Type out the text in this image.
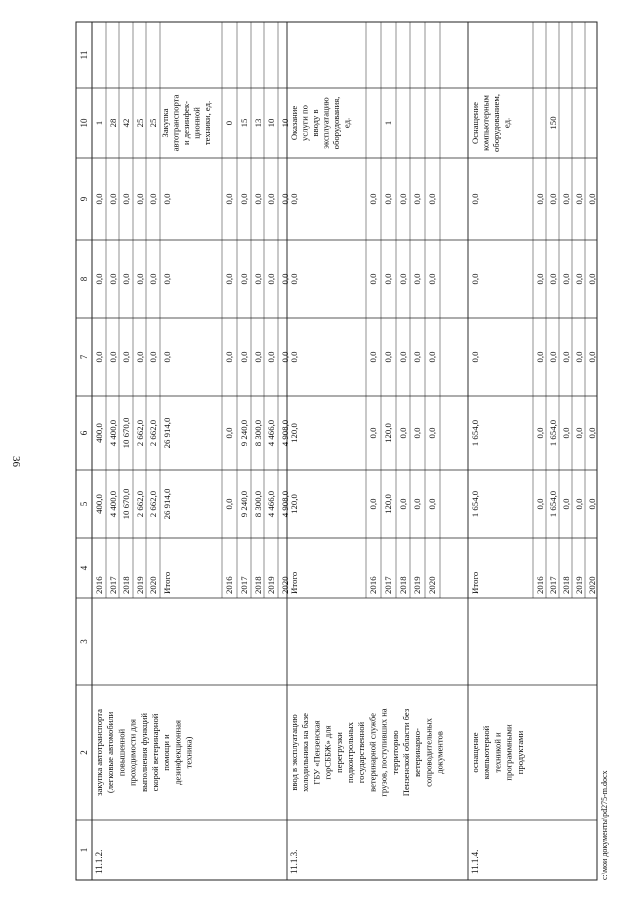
36
c:\мои документы\pd275-m.docx
1
2
3
4
5
6
7
8
9
10
11
11.1.2.
закупка автотранспорта (легковые автомобили повышенной проходимости для выполнения функций скорой ветеринарной помощи и дезинфекционная техника)
Закупка автотранспорта и дезинфек- ционной техники, ед.
2016
400,0
400,0
0,0
0,0
0,0
1
2017
4 400,0
4 400,0
0,0
0,0
0,0
28
2018
10 670,0
10 670,0
0,0
0,0
0,0
42
2019
2 662,0
2 662,0
0,0
0,0
0,0
25
2020
2 662,0
2 662,0
0,0
0,0
0,0
25
Итого
26 914,0
26 914,0
0,0
0,0
0,0
2016
0,0
0,0
0,0
0,0
0,0
0
2017
9 240,0
9 240,0
0,0
0,0
0,0
15
2018
8 300,0
8 300,0
0,0
0,0
0,0
13
2019
4 466,0
4 466,0
0,0
0,0
0,0
10
2020
4 908,0
4 908,0
0,0
0,0
0,0
10
11.1.3.
ввод в эксплуатацию холодильника на базе ГБУ «Пензенская горСББЖ» для перегрузки подконтрольных государственной ветеринарной службе грузов, поступивших на территорию Пензенской области без ветеринарно- сопроводительных документов
Оказание услуги по вводу в эксплуатацию оборудования, ед.
Итого
120,0
120,0
0,0
0,0
0,0
2016
0,0
0,0
0,0
0,0
0,0
2017
120,0
120,0
0,0
0,0
0,0
1
2018
0,0
0,0
0,0
0,0
0,0
2019
0,0
0,0
0,0
0,0
0,0
2020
0,0
0,0
0,0
0,0
0,0
11.1.4.
оснащение компьютерной техникой и программными продуктами
Оснащение компьютерным оборудованием, ед.
Итого
1 654,0
1 654,0
0,0
0,0
0,0
2016
0,0
0,0
0,0
0,0
0,0
2017
1 654,0
1 654,0
0,0
0,0
0,0
150
2018
0,0
0,0
0,0
0,0
0,0
2019
0,0
0,0
0,0
0,0
0,0
2020
0,0
0,0
0,0
0,0
0,0
